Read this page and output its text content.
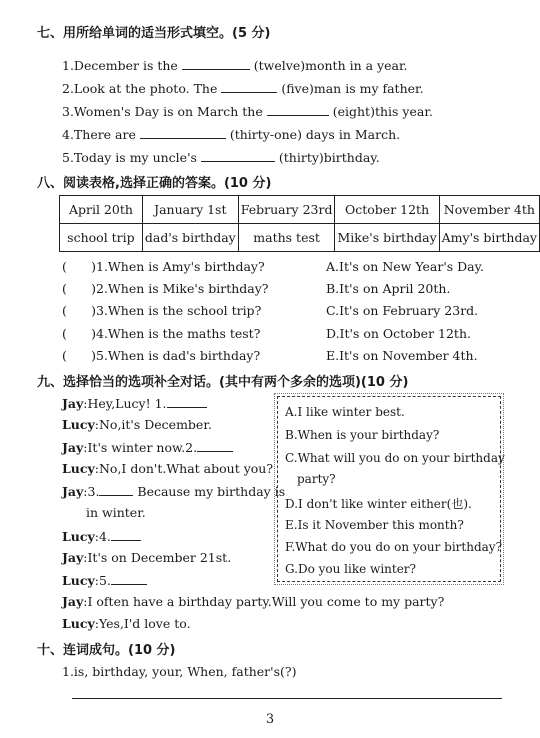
七、用所给单词的适当形式填空。(5 分)
1.December is the	(twelve)month in a year.
2.Look at the photo. The	(five)man is my father.
3.Women's Day is on March the	(eight)this year.
4.There are	(thirty-one) days in March.
5.Today is my uncle's	(thirty)birthday.
八、阅读表格,选择正确的答案。(10 分)
April 20th	January 1st	February 23rd	October 12th	November 4th
school trip	dad's birthday	maths test	Mike's birthday	Amy's birthday
( ) 1.When is Amy's birthday?
( ) 2.When is Mike's birthday?
( ) 3.When is the school trip?
( ) 4.When is the maths test?
( ) 5.When is dad's birthday?
A.It's on New Year's Day.
B.It's on April 20th.
C.It's on February 23rd.
D.It's on October 12th.
E.It's on November 4th.
九、选择恰当的选项补全对话。(其中有两个多余的选项)(10 分)
Jay:Hey,Lucy! 1.
Lucy:No,it's December.
Jay:It's winter now.2.
Lucy:No,I don't.What about you?
Jay:3.	Because my birthday is
in winter.
Lucy:4.
Jay:It's on December 21st.
Lucy:5.
Jay:I often have a birthday party.Will you come to my party?
Lucy:Yes,I'd love to.
A.I like winter best.
B.When is your birthday?
C.What will you do on your birthday
party?
D.I don't like winter either(也).
E.Is it November this month?
F.What do you do on your birthday?
G.Do you like winter?
十、连词成句。(10 分)
1.is, birthday, your, When, father's(?)
3
